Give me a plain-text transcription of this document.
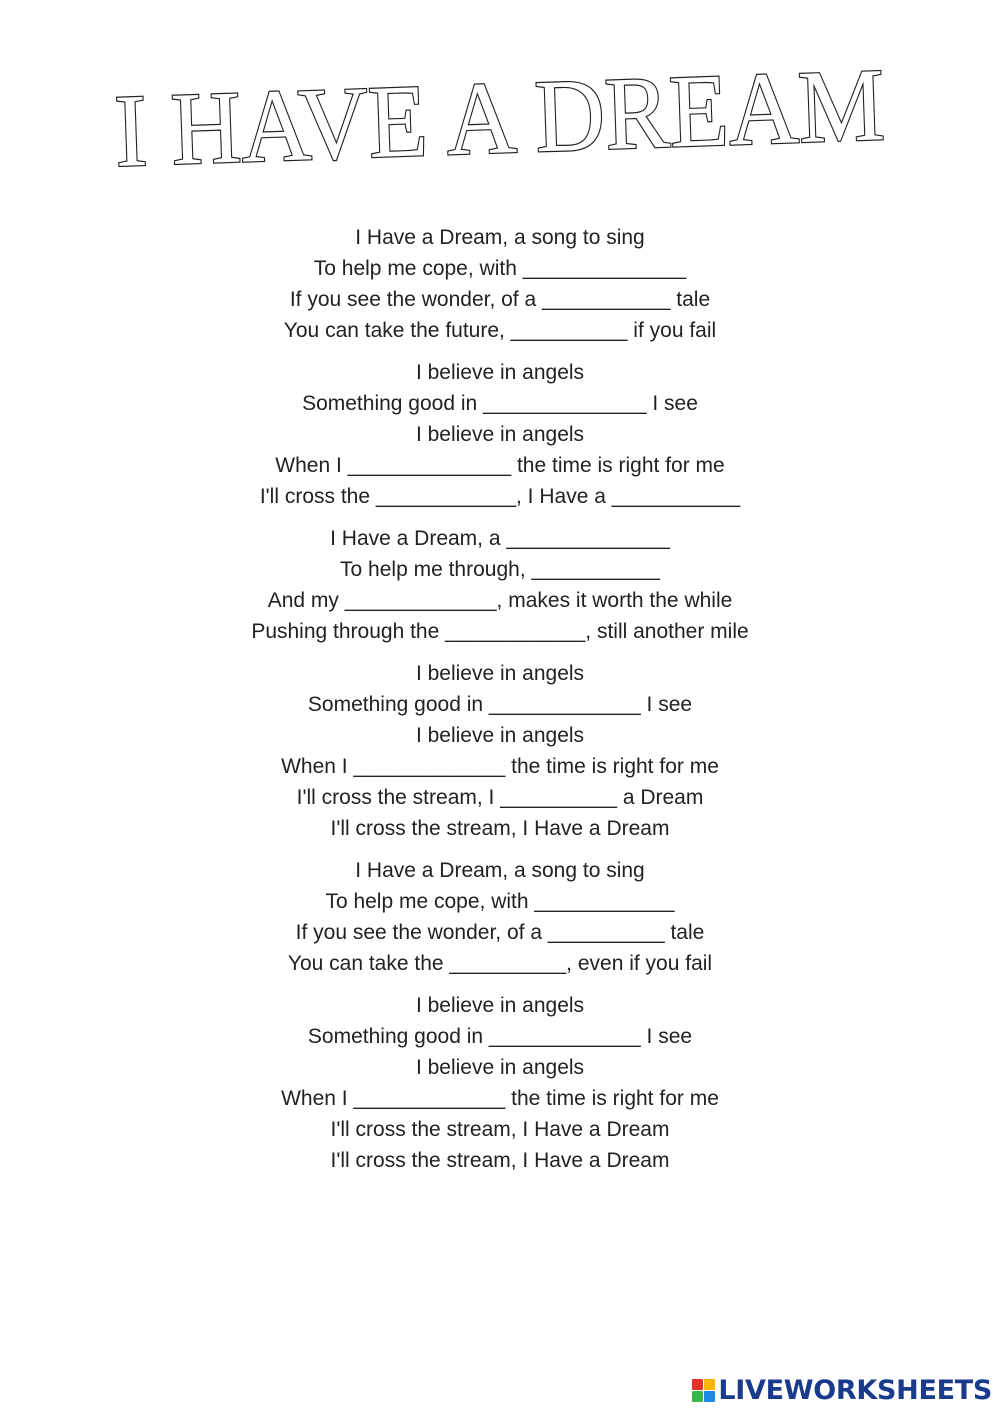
I HAVE A DREAM
I Have a Dream, a song to sing
To help me cope, with ______________
If you see the wonder, of a ___________ tale
You can take the future, __________ if you fail
I believe in angels
Something good in ______________ I see
I believe in angels
When I ______________ the time is right for me
I'll cross the ____________, I Have a ___________
I Have a Dream, a ______________
To help me through, ___________
And my _____________, makes it worth the while
Pushing through the ____________, still another mile
I believe in angels
Something good in _____________ I see
I believe in angels
When I _____________ the time is right for me
I'll cross the stream, I __________ a Dream
I'll cross the stream, I Have a Dream
I Have a Dream, a song to sing
To help me cope, with ____________
If you see the wonder, of a __________ tale
You can take the __________, even if you fail
I believe in angels
Something good in _____________ I see
I believe in angels
When I _____________ the time is right for me
I'll cross the stream, I Have a Dream
I'll cross the stream, I Have a Dream
LIVEWORKSHEETS
